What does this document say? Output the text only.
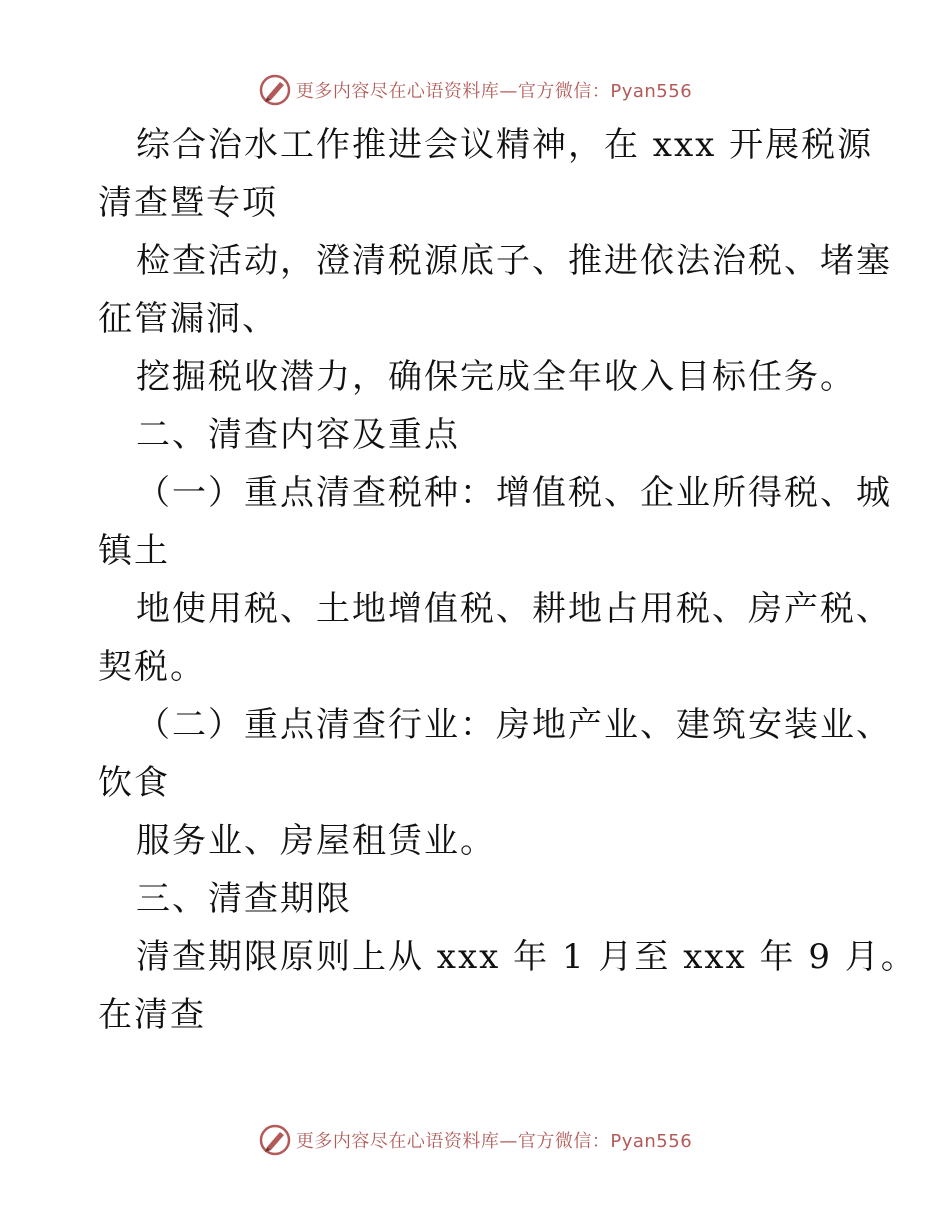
更多内容尽在心语资料库—官方微信：Pyan556
综合治水工作推进会议精神，在 xxx 开展税源
清查暨专项
检查活动，澄清税源底子、推进依法治税、堵塞
征管漏洞、
挖掘税收潜力，确保完成全年收入目标任务。
二、清查内容及重点
（一）重点清查税种：增值税、企业所得税、城
镇土
地使用税、土地增值税、耕地占用税、房产税、
契税。
（二）重点清查行业：房地产业、建筑安装业、
饮食
服务业、房屋租赁业。
三、清查期限
清查期限原则上从 xxx 年 1 月至 xxx 年 9 月。
在清查
更多内容尽在心语资料库—官方微信：Pyan556
